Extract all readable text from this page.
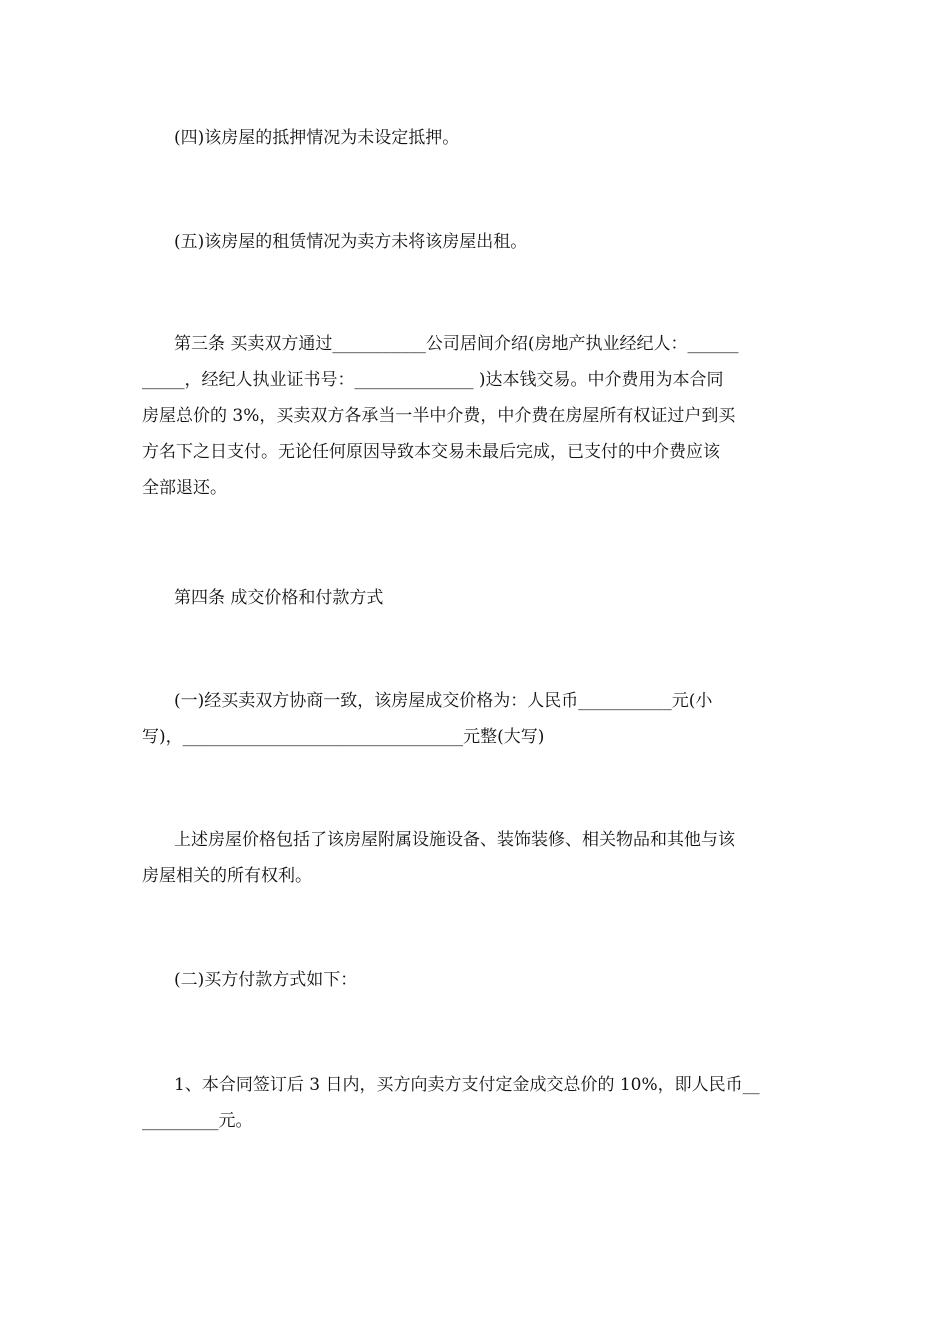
(四)该房屋的抵押情况为未设定抵押。

(五)该房屋的租赁情况为卖方未将该房屋出租。

第三条 买卖双方通过___________公司居间介绍(房地产执业经纪人：______
_____，经纪人执业证书号：______________ )达本钱交易。中介费用为本合同
房屋总价的 3%，买卖双方各承当一半中介费，中介费在房屋所有权证过户到买
方名下之日支付。无论任何原因导致本交易未最后完成，已支付的中介费应该
全部退还。

第四条 成交价格和付款方式

(一)经买卖双方协商一致，该房屋成交价格为：人民币___________元(小
写)，_________________________________元整(大写)

上述房屋价格包括了该房屋附属设施设备、装饰装修、相关物品和其他与该
房屋相关的所有权利。

(二)买方付款方式如下：

1、本合同签订后 3 日内，买方向卖方支付定金成交总价的 10%，即人民币__
_________元。
